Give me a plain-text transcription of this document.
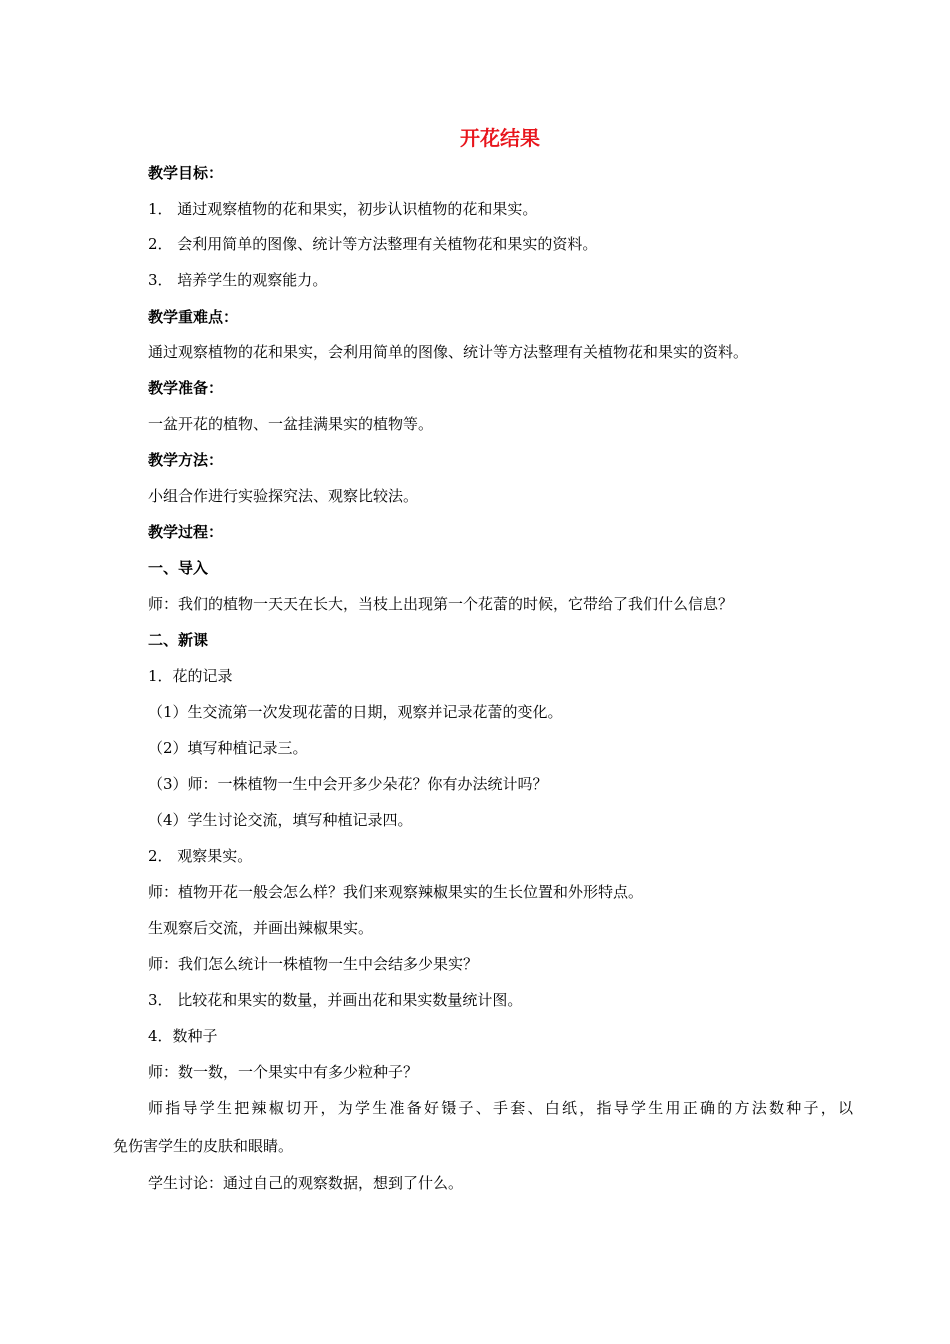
开花结果
教学目标：
1． 通过观察植物的花和果实，初步认识植物的花和果实。
2． 会利用简单的图像、统计等方法整理有关植物花和果实的资料。
3． 培养学生的观察能力。
教学重难点：
通过观察植物的花和果实，会利用简单的图像、统计等方法整理有关植物花和果实的资料。
教学准备：
一盆开花的植物、一盆挂满果实的植物等。
教学方法：
小组合作进行实验探究法、观察比较法。
教学过程：
一、导入
师：我们的植物一天天在长大，当枝上出现第一个花蕾的时候，它带给了我们什么信息？
二、新课
1．花的记录
（1）生交流第一次发现花蕾的日期，观察并记录花蕾的变化。
（2）填写种植记录三。
（3）师：一株植物一生中会开多少朵花？你有办法统计吗？
（4）学生讨论交流，填写种植记录四。
2． 观察果实。
师：植物开花一般会怎么样？我们来观察辣椒果实的生长位置和外形特点。
生观察后交流，并画出辣椒果实。
师：我们怎么统计一株植物一生中会结多少果实？
3． 比较花和果实的数量，并画出花和果实数量统计图。
4．数种子
师：数一数，一个果实中有多少粒种子？
师指导学生把辣椒切开，为学生准备好镊子、手套、白纸，指导学生用正确的方法数种子，以
免伤害学生的皮肤和眼睛。
学生讨论：通过自己的观察数据，想到了什么。
